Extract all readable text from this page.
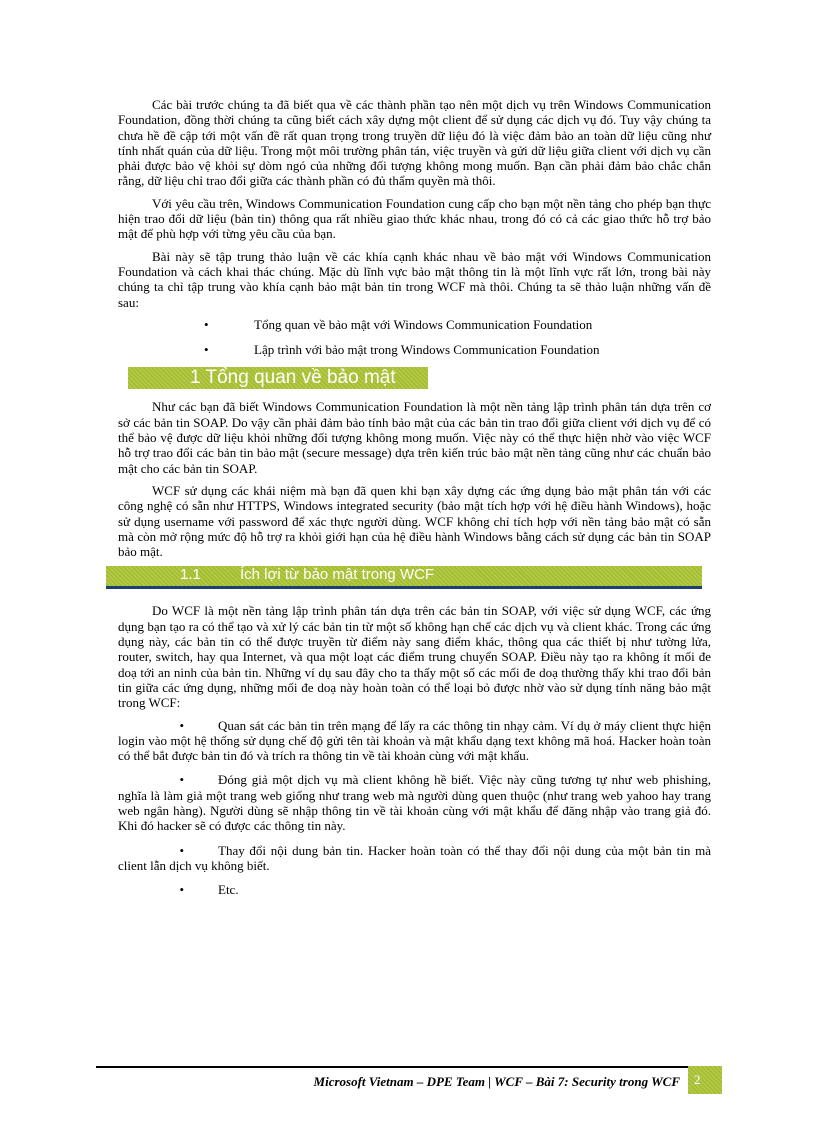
Các bài trước chúng ta đã biết qua về các thành phần tạo nên một dịch vụ trên Windows Communication Foundation, đồng thời chúng ta cũng biết cách xây dựng một client để sử dụng các dịch vụ đó. Tuy vậy chúng ta chưa hề đề cập tới một vấn đề rất quan trọng trong truyền dữ liệu đó là việc đảm bảo an toàn dữ liệu cũng như tính nhất quán của dữ liệu. Trong một môi trường phân tán, việc truyền và gửi dữ liệu giữa client với dịch vụ cần phải được bảo vệ khỏi sự dòm ngó của những đối tượng không mong muốn. Bạn cần phải đảm bảo chắc chắn rằng, dữ liệu chỉ trao đổi giữa các thành phần có đủ thẩm quyền mà thôi.

Với yêu cầu trên, Windows Communication Foundation cung cấp cho bạn một nền tảng cho phép bạn thực hiện trao đổi dữ liệu (bản tin) thông qua rất nhiều giao thức khác nhau, trong đó có cả các giao thức hỗ trợ bảo mật để phù hợp với từng yêu cầu của bạn.

Bài này sẽ tập trung thảo luận về các khía cạnh khác nhau về bảo mật với Windows Communication Foundation và cách khai thác chúng. Mặc dù lĩnh vực bảo mật thông tin là một lĩnh vực rất lớn, trong bài này chúng ta chỉ tập trung vào khía cạnh bảo mật bản tin trong WCF mà thôi. Chúng ta sẽ thảo luận những vấn đề sau:

•	Tổng quan về bảo mật với Windows Communication Foundation
•	Lập trình với bảo mật trong Windows Communication Foundation
1 Tổng quan về bảo mật

Như các bạn đã biết Windows Communication Foundation là một nền tảng lập trình phân tán dựa trên cơ sở các bản tin SOAP. Do vậy cần phải đảm bảo tính bảo mật của các bản tin trao đổi giữa client với dịch vụ để có thể bảo vệ được dữ liệu khỏi những đối tượng không mong muốn. Việc này có thể thực hiện nhờ vào việc WCF hỗ trợ trao đổi các bản tin bảo mật (secure message) dựa trên kiến trúc bảo mật nền tảng cũng như các chuẩn bảo mật cho các bản tin SOAP.

WCF sử dụng các khái niệm mà bạn đã quen khi bạn xây dựng các ứng dụng bảo mật phân tán với các công nghệ có sẵn như HTTPS, Windows integrated security (bảo mật tích hợp với hệ điều hành Windows), hoặc sử dụng username với password để xác thực người dùng. WCF không chỉ tích hợp với nền tảng bảo mật có sẵn mà còn mở rộng mức độ hỗ trợ ra khỏi giới hạn của hệ điều hành Windows bằng cách sử dụng các bản tin SOAP bảo mật.

1.1	Ích lợi từ bảo mật trong WCF

Do WCF là một nền tảng lập trình phân tán dựa trên các bản tin SOAP, với việc sử dụng WCF, các ứng dụng bạn tạo ra có thể tạo và xử lý các bản tin từ một số không hạn chế các dịch vụ và client khác. Trong các ứng dụng này, các bản tin có thể được truyền từ điểm này sang điểm khác, thông qua các thiết bị như tường lửa, router, switch, hay qua Internet, và qua một loạt các điểm trung chuyển SOAP. Điều này tạo ra không ít mối đe doạ tới an ninh của bản tin. Những ví dụ sau đây cho ta thấy một số các mối đe doạ thường thấy khi trao đổi bản tin giữa các ứng dụng, những mối đe doạ này hoàn toàn có thể loại bỏ được nhờ vào sử dụng tính năng bảo mật trong WCF:

•	Quan sát các bản tin trên mạng để lấy ra các thông tin nhạy cảm. Ví dụ ở máy client thực hiện login vào một hệ thống sử dụng chế độ gửi tên tài khoản và mật khẩu dạng text không mã hoá. Hacker hoàn toàn có thể bắt được bản tin đó và trích ra thông tin về tài khoản cùng với mật khẩu.

•	Đóng giả một dịch vụ mà client không hề biết. Việc này cũng tương tự như web phishing, nghĩa là làm giả một trang web giống như trang web mà người dùng quen thuộc (như trang web yahoo hay trang web ngân hàng). Người dùng sẽ nhập thông tin về tài khoản cùng với mật khẩu để đăng nhập vào trang giả đó. Khi đó hacker sẽ có được các thông tin này.

•	Thay đổi nội dung bản tin. Hacker hoàn toàn có thể thay đổi nội dung của một bản tin mà client lẫn dịch vụ không biết.

•	Etc.

Microsoft Vietnam – DPE Team | WCF – Bài 7: Security trong WCF 2
